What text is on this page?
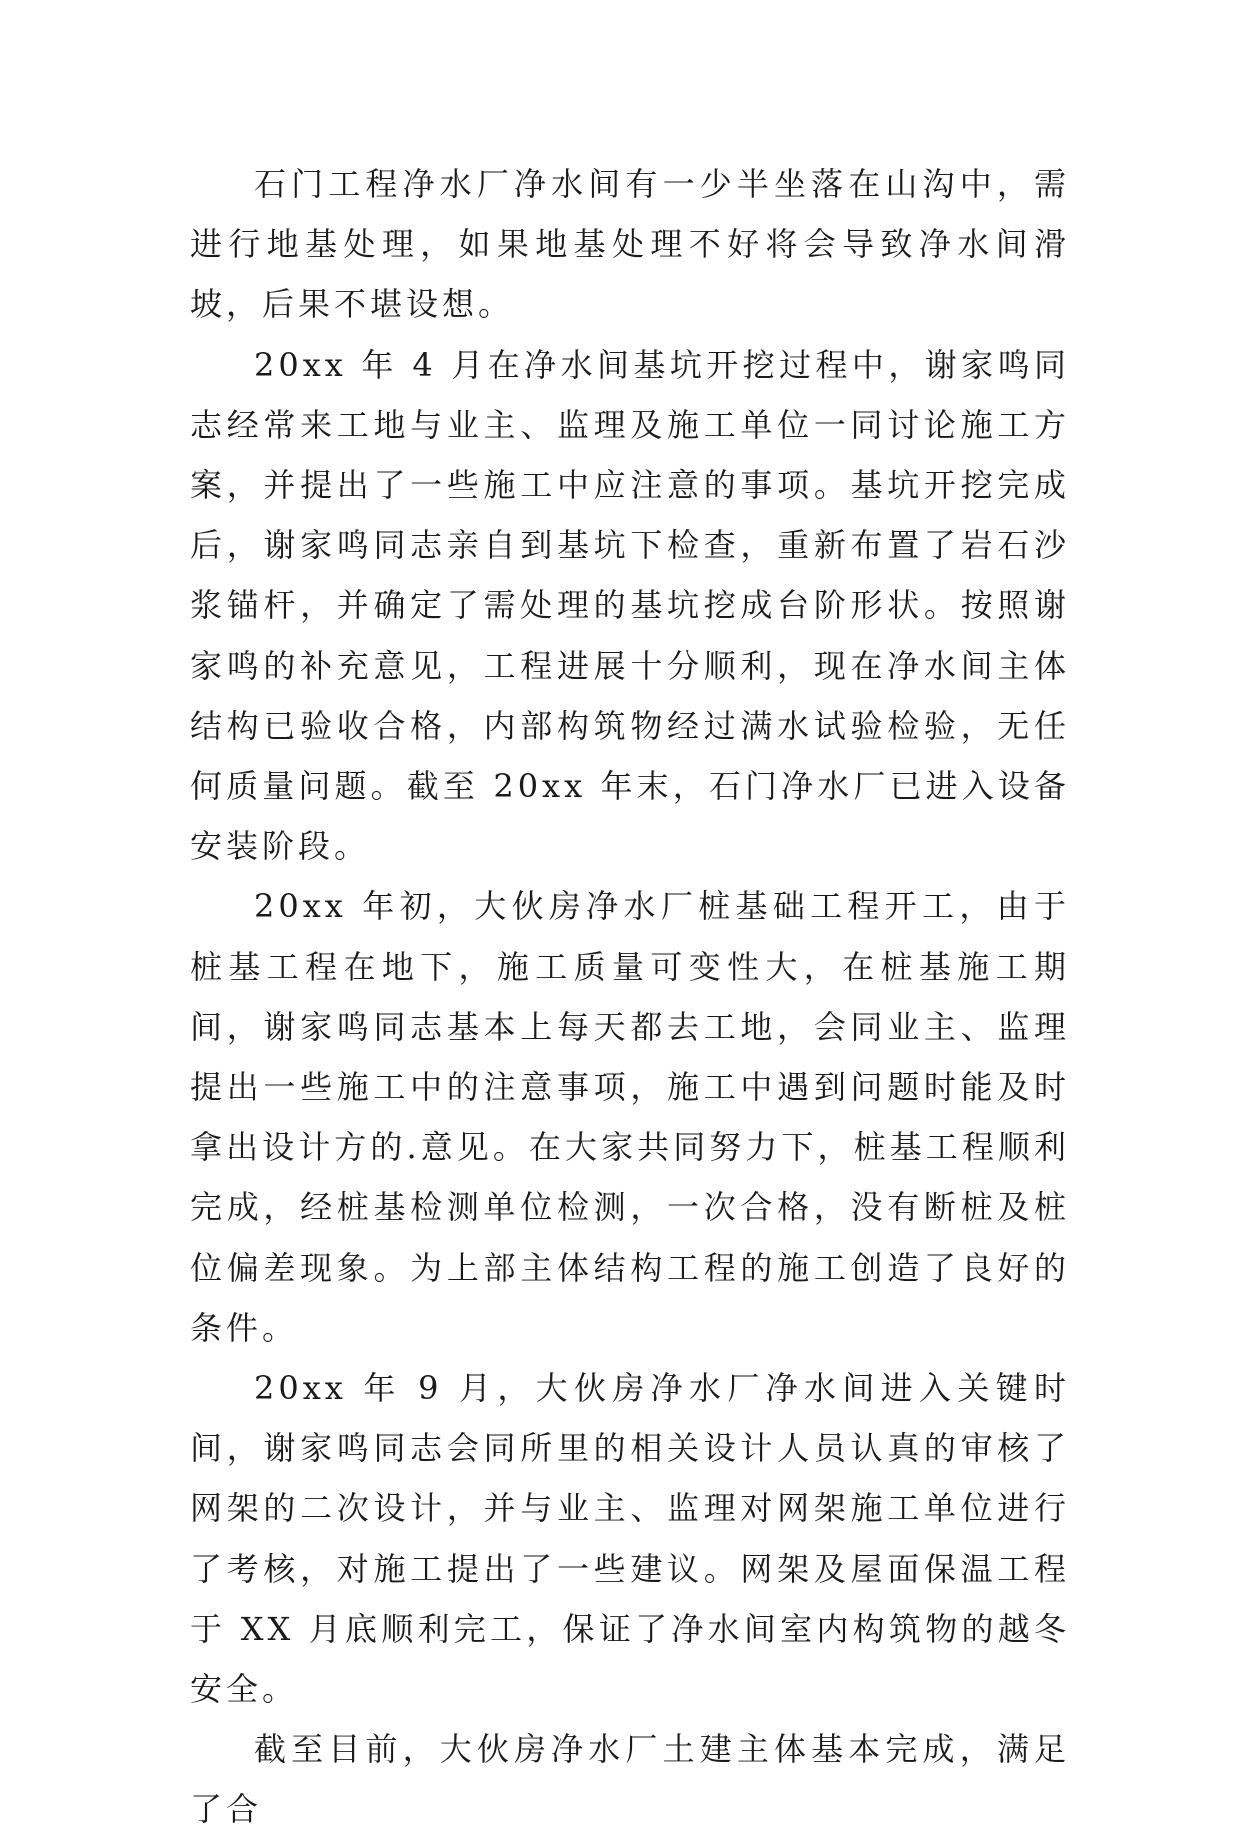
石门工程净水厂净水间有一少半坐落在山沟中，需进行地基处理，如果地基处理不好将会导致净水间滑坡，后果不堪设想。

20xx 年 4 月在净水间基坑开挖过程中，谢家鸣同志经常来工地与业主、监理及施工单位一同讨论施工方案，并提出了一些施工中应注意的事项。基坑开挖完成后，谢家鸣同志亲自到基坑下检查，重新布置了岩石沙浆锚杆，并确定了需处理的基坑挖成台阶形状。按照谢家鸣的补充意见，工程进展十分顺利，现在净水间主体结构已验收合格，内部构筑物经过满水试验检验，无任何质量问题。截至 20xx 年末，石门净水厂已进入设备安装阶段。

20xx 年初，大伙房净水厂桩基础工程开工，由于桩基工程在地下，施工质量可变性大，在桩基施工期间，谢家鸣同志基本上每天都去工地，会同业主、监理提出一些施工中的注意事项，施工中遇到问题时能及时拿出设计方的.意见。在大家共同努力下，桩基工程顺利完成，经桩基检测单位检测，一次合格，没有断桩及桩位偏差现象。为上部主体结构工程的施工创造了良好的条件。

20xx 年 9 月，大伙房净水厂净水间进入关键时间，谢家鸣同志会同所里的相关设计人员认真的审核了网架的二次设计，并与业主、监理对网架施工单位进行了考核，对施工提出了一些建议。网架及屋面保温工程于 XX 月底顺利完工，保证了净水间室内构筑物的越冬安全。

截至目前，大伙房净水厂土建主体基本完成，满足了合
